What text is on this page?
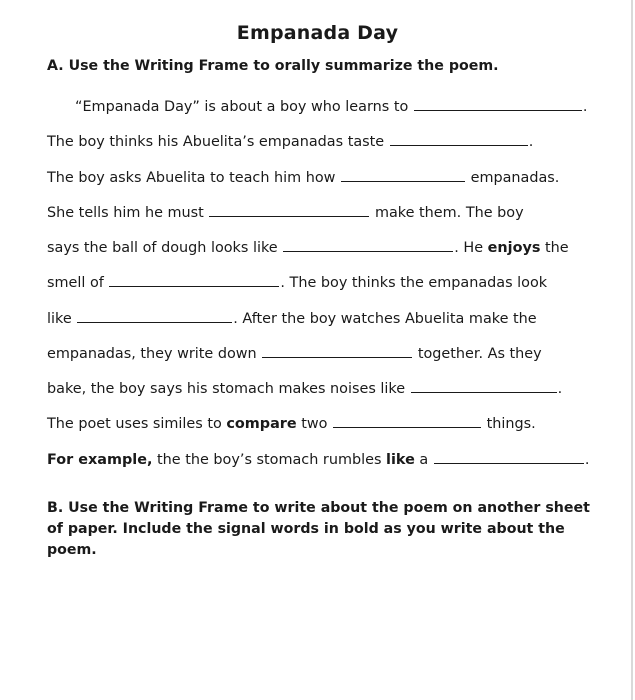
Empanada Day
A. Use the Writing Frame to orally summarize the poem.
“Empanada Day” is about a boy who learns to	.
The boy thinks his Abuelita’s empanadas taste	.
The boy asks Abuelita to teach him how	empanadas.
She tells him he must	make them. The boy
says the ball of dough looks like	. He enjoys the
smell of	. The boy thinks the empanadas look
like	. After the boy watches Abuelita make the
empanadas, they write down	together. As they
bake, the boy says his stomach makes noises like	.
The poet uses similes to compare two	things.
For example, the the boy’s stomach rumbles like a	.
B. Use the Writing Frame to write about the poem on another sheet of paper. Include the signal words in bold as you write about the poem.
